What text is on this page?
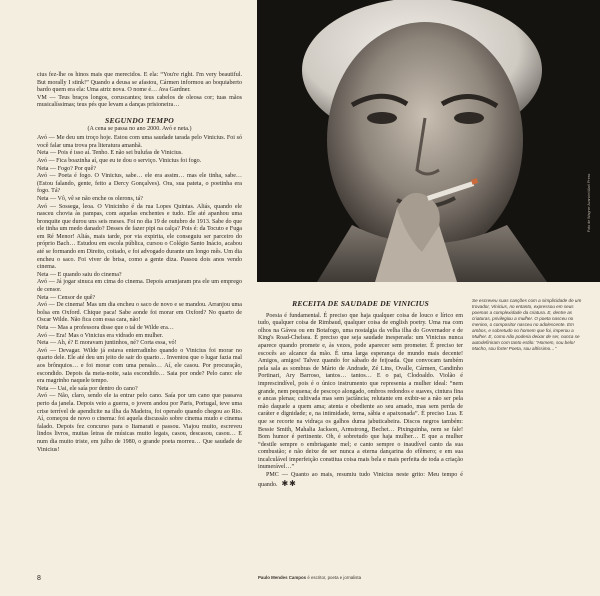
cius fez-lhe os hinos mais que merecidos. E ela: “You're right. I'm very beautiful. But morally I stink!” Quando a deusa se afastou, Cármen informou ao boquiaberto bardo quem era ela: Uma atriz nova. O nome é… Ava Gardner.

VM — Teus braços longos, coruscantes; teus cabelos de oleosa cor; tuas mãos musicalíssimas; teus pés que levam a danças prisioneira…

SEGUNDO TEMPO
(A cena se passa no ano 2000. Avó e neta.)

Avó — Me deu um troço hoje. Estou com uma saudade tarada pelo Vinicius. Foi só você falar uma trova pra literatura amanhã.

Neta — Pois é isso aí. Tenho. E não sei bulufas de Vinicius.

Avó — Fica boazinha aí, que eu te dou o serviço. Vinicius foi fogo.

Neta — Fogo? Por quê?

Avó — Poeta é fogo. O Vinicius, sabe… ele era assim… mas ele tinha, sabe… (Estou falando, gente, feito a Dercy Gonçalves). Ora, sua pateta, o poetinha era fogo. Tá?

Neta — Vô, vê se não enche os olerons, tá?

Avó — Sossega, leoa. O Vinicinho é da rua Lopes Quintas. Aliás, quando ele nasceu chovia às pampas, com aquelas enchentes e tudo. Ele até apanhou uma bronquite que durou uns seis meses. Foi no dia 19 de outubro de 1913. Sabe do que ele tinha um medo danado? Desses de fazer pipi na calça? Pois é: da Tocuto e Fuga em Ré Menor! Aliás, mais tarde, por via expirita, ele conseguiu ser parceiro do próprio Bach… Estudou em escola pública, cursou o Colégio Santo Inácio, acabou até se formando em Direito, coitado, e foi advogado durante um longo mês. Um dia encheu o saco. Foi viver de brisa, como a gente diza. Passou dois anos vendo cinema.

Neta — E quando saiu do cinema?

Avó — Já jogar sinuca em cima do cinema. Depois arranjaram pra ele um emprego de censor.

Neta — Censor de quê?

Avó — De cinema! Mas um dia encheu o saco de novo e se mandou. Arranjou uma bolsa em Oxford. Chique paca! Sabe aonde foi morar em Oxford? No quarto de Oscar Wilde. Não fica com essa cara, não!

Neta — Mas a professora disse que o tal de Wilde era…

Avó — Era! Mas o Vinicius era vidrado em mulher.

Neta — Ah, é? E moravam juntinhos, né? Corta essa, vó!

Avó — Devagar. Wilde já estava enterradinho quando o Vinicius foi morar no quarto dele. Ele até deu um jeito de sair do quarto… Inventou que o lugar fazia mal aos brônquios… e foi morar com uma pensão… Aí, ele casou. Por procuração, escondido. Depois da meia-noite, saia escondido… Saia por onde? Pelo cano: ele era magrinho naquele tempo.

Neta — Uai, ele saía por dentro do cano?

Avó — Não, claro, sendo ele ia entrar pelo cano. Saía por um cano que passava perto da janela. Depois veio a guerra, o jovem andou por Paris, Portugal, teve uma crise terrível de apendicite na ilha da Madeira, foi operado quando chegou ao Rio. Aí, começou de novo o cinema: foi aquela discussão sobre cinema mudo e cinema falado. Depois fez concurso para o Itamarati e passou. Viajou muito, escreveu lindos livros, muitas letras de músicas muito legais, casou, descasou, casou… E num dia muito triste, em julho de 1980, o grande poeta morreu… Que saudade de Vinicius!

Foto de Wagner Avancini/Abril Press
RECEITA DE SAUDADE DE VINICIUS

Poesia é fundamental. É preciso que haja qualquer coisa de louco e lírico em tudo, qualquer coisa de Rimbaud, qualquer coisa de english poetry. Uma rua com olhos na Gávea ou em Botafogo, uma nostalgia da velha ilha do Governador e de King's Road-Chelsea. É preciso que seja saudade inesperada: um Vinicius nunca aparece quando promete e, às vezes, pode aparecer sem prometer. É preciso ter escocês ao alcance da mão. É uma larga esperança de mundo mais decente! Amigos, amigos! Talvez quando for sábado de feijoada. Que convocam também pela sala as sombras de Mário de Andrade, Zé Lins, Ovalle, Cármen, Candinho Portinari, Ary Barroso, tantos… tantos… E o pai, Clodoaldo. Violão é imprescindível, pois é o único instrumento que representa a mulher ideal: “nem grande, nem pequena; de pescoço alongado, ombros redondos e suaves, cintura fina e ancas plenas; cultivada mas sem jactância; relutante em exibir-se a não ser pela mão daquele a quem ama; atenta e obediente ao seu amado, mas sem perda de caráter e dignidade; e, na intimidade, terna, sábia e apaixonada”. É preciso Lua. E que se recorte na vidraça os galhos duma jabuticabeira. Discos negros também: Bessie Smith, Mahalia Jackson, Armstrong, Bechet… Pixinguinha, nem se fale! Bom humor é pertinente. Oh, é sobretudo que haja mulher… E que a mulher “destile sempre o embriagante mel; e canto sempre o inaudível canto da sua combustão; e não deixe de ser nunca a eterna dançarina do efêmero; e em sua incalculável imperfeição constitua coisa mais bela e mais perfeita de toda a criação inumerável…”

PMC — Quanto ao mais, resumiu tudo Vinicius neste grito: Meu tempo é quando. ✱✱

Se escreveu suas canções com a simplicidade de um trovador, Vinicius, no entanto, expressou em seus poemas a complexidade da criatura. E, dentre as criaturas, privilegiou a mulher. O poeta nasceu no menino, o compositor nasceu no adolescente. Em ambos, e sobretudo no homem que foi, imperou a Mulher. E, como não poderia deixar de ser, nunca se autodefiniram com tanto estilo: “Homem, sou belo! Macho, sou forte! Poeta, sou altíssimo…”
Paulo Mendes Campos é escritor, poeta e jornalista
8
